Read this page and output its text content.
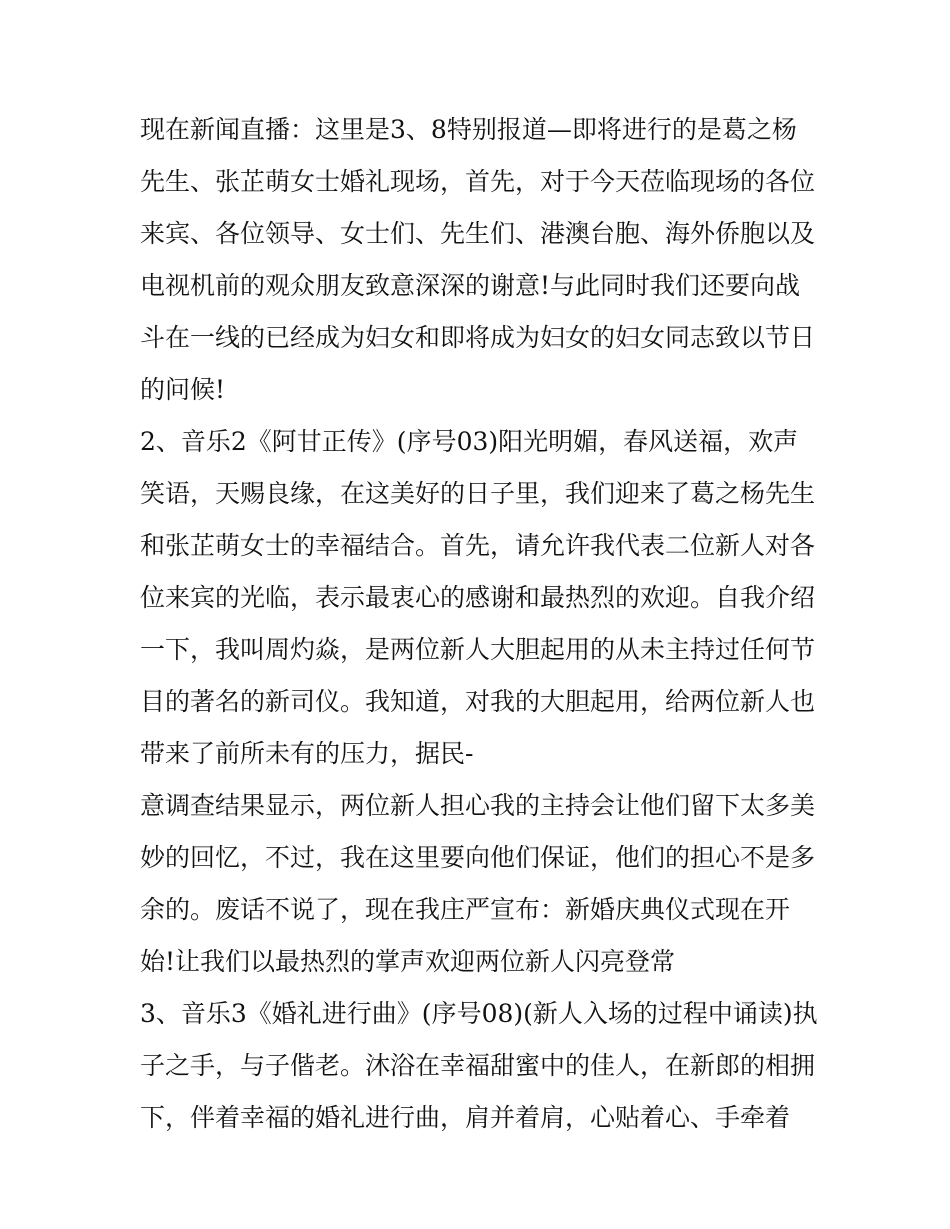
现在新闻直播：这里是3、8特别报道—即将进行的是葛之杨
先生、张芷萌女士婚礼现场，首先，对于今天莅临现场的各位
来宾、各位领导、女士们、先生们、港澳台胞、海外侨胞以及
电视机前的观众朋友致意深深的谢意!与此同时我们还要向战
斗在一线的已经成为妇女和即将成为妇女的妇女同志致以节日
的问候!
2、音乐2《阿甘正传》(序号03)阳光明媚，春风送福，欢声
笑语，天赐良缘，在这美好的日子里，我们迎来了葛之杨先生
和张芷萌女士的幸福结合。首先，请允许我代表二位新人对各
位来宾的光临，表示最衷心的感谢和最热烈的欢迎。自我介绍
一下，我叫周灼焱，是两位新人大胆起用的从未主持过任何节
目的著名的新司仪。我知道，对我的大胆起用，给两位新人也
带来了前所未有的压力，据民-
意调查结果显示，两位新人担心我的主持会让他们留下太多美
妙的回忆，不过，我在这里要向他们保证，他们的担心不是多
余的。废话不说了，现在我庄严宣布：新婚庆典仪式现在开
始!让我们以最热烈的掌声欢迎两位新人闪亮登常
3、音乐3《婚礼进行曲》(序号08)(新人入场的过程中诵读)执
子之手，与子偕老。沐浴在幸福甜蜜中的佳人，在新郎的相拥
下，伴着幸福的婚礼进行曲，肩并着肩，心贴着心、手牵着
